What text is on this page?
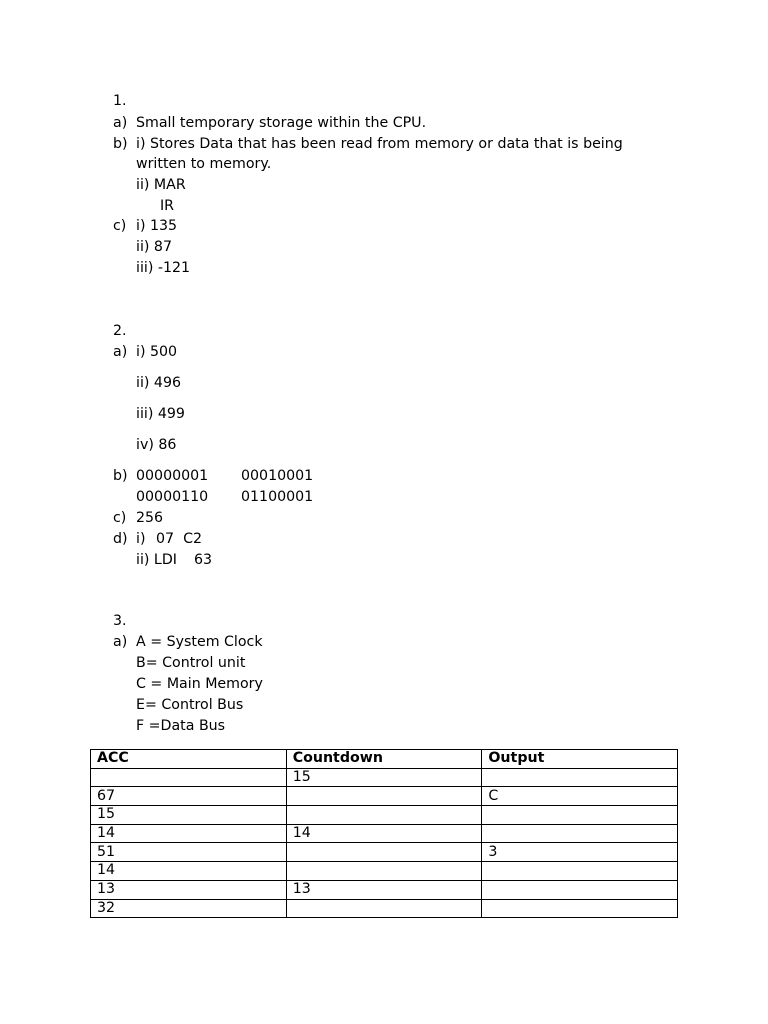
1.
a) Small temporary storage within the CPU.
b) i) Stores Data that has been read from memory or data that is being
written to memory.
ii) MAR
IR
c) i) 135
ii) 87
iii) -121
2.
a) i) 500
ii) 496
iii) 499
iv) 86
b) 00000001 00010001
00000110 01100001
c) 256
d) i) 07  C2
ii) LDI 63
3.
a) A = System Clock
B= Control unit
C = Main Memory
E= Control Bus
F =Data Bus
ACC	Countdown	Output
	15	
67		C
15		
14	14	
51		3
14		
13	13	
32		
